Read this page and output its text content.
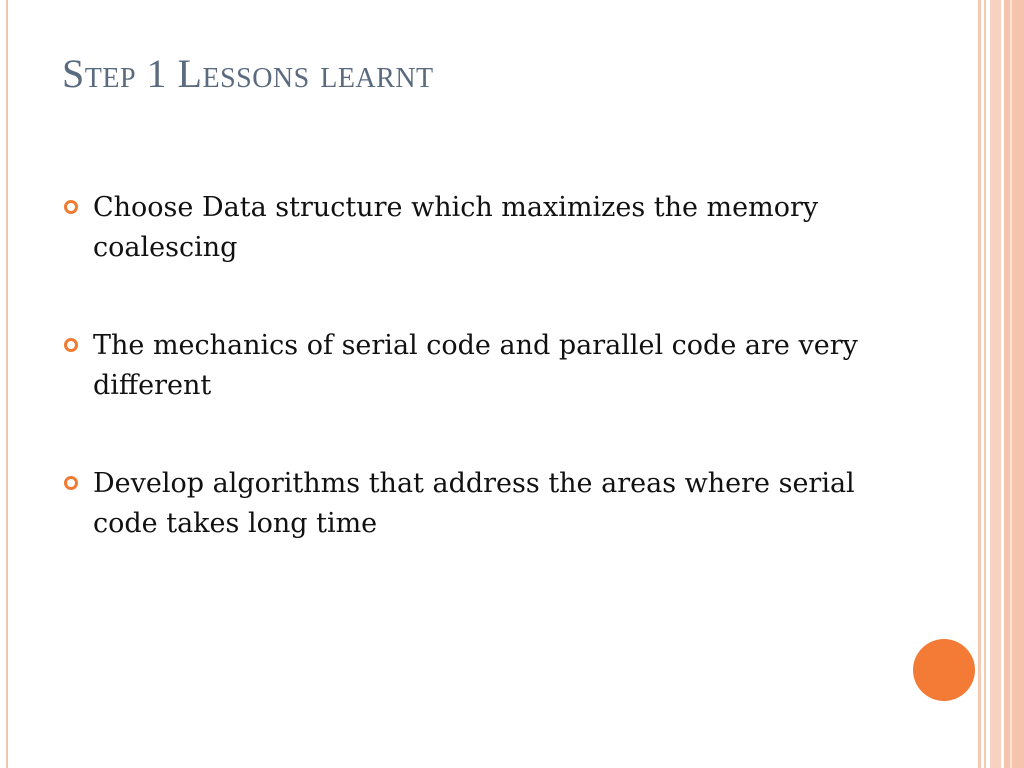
Step 1 Lessons learnt
Choose Data structure which maximizes the memory coalescing
The mechanics of serial code and parallel code are very different
Develop algorithms that address the areas where serial code takes long time
